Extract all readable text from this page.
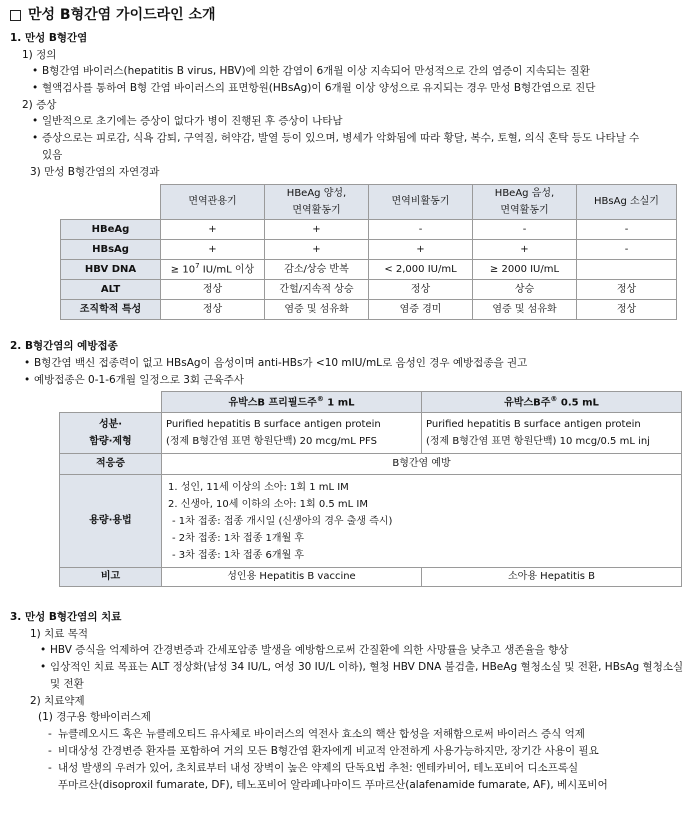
만성 B형간염 가이드라인 소개
1. 만성 B형간염
1) 정의
• B형간염 바이러스(hepatitis B virus, HBV)에 의한 감염이 6개월 이상 지속되어 만성적으로 간의 염증이 지속되는 질환
• 혈액검사를 통하여 B형 간염 바이러스의 표면항원(HBsAg)이 6개월 이상 양성으로 유지되는 경우 만성 B형간염으로 진단
2) 증상
• 일반적으로 초기에는 증상이 없다가 병이 진행된 후 증상이 나타남
• 증상으로는 피로감, 식욕 감퇴, 구역질, 허약감, 발열 등이 있으며, 병세가 악화됨에 따라 황달, 복수, 토혈, 의식 혼탁 등도 나타날 수
있음
3) 만성 B형간염의 자연경과
	면역관용기	HBeAg 양성,
면역활동기	면역비활동기	HBeAg 음성,
면역활동기	HBsAg 소실기
HBeAg	+	+	-	-	-
HBsAg	+	+	+	+	-
HBV DNA	≥ $10^7$ IU/mL 이상	감소/상승 반복	< 2,000 IU/mL	≥ 2000 IU/mL	
ALT	정상	간헐/지속적 상승	정상	상승	정상
조직학적 특성	정상	염증 및 섬유화	염증 경미	염증 및 섬유화	정상
2. B형간염의 예방접종
• B형간염 백신 접종력이 없고 HBsAg이 음성이며 anti-HBs가 <10 mIU/mL로 음성인 경우 예방접종을 권고
• 예방접종은 0-1-6개월 일정으로 3회 근육주사
	유박스B 프리필드주® 1 mL	유박스B주® 0.5 mL

성분·
함량·제형	Purified hepatitis B surface antigen protein
(정제 B형간염 표면 항원단백) 20 mcg/mL PFS	Purified hepatitis B surface antigen protein
(정제 B형간염 표면 항원단백) 10 mcg/0.5 mL inj

적응증	B형간염 예방	
용량·용법	1. 성인, 11세 이상의 소아: 1회 1 mL IM
2. 신생아, 10세 이하의 소아: 1회 0.5 mL IM
- 1차 접종: 접종 개시일 (신생아의 경우 출생 즉시)
- 2차 접종: 1차 접종 1개월 후
- 3차 접종: 1차 접종 6개월 후	

비고	성인용 Hepatitis B vaccine	소아용 Hepatitis B
3. 만성 B형간염의 치료
1) 치료 목적
• HBV 증식을 억제하여 간경변증과 간세포암종 발생을 예방함으로써 간질환에 의한 사망률을 낮추고 생존율을 향상
• 임상적인 치료 목표는 ALT 정상화(남성 34 IU/L, 여성 30 IU/L 이하), 혈청 HBV DNA 불검출, HBeAg 혈청소실 및 전환, HBsAg 혈청소실
및 전환
2) 치료약제
(1) 경구용 항바이러스제
- 뉴클레오시드 혹은 뉴클레오티드 유사체로 바이러스의 역전사 효소의 핵산 합성을 저해함으로써 바이러스 증식 억제
- 비대상성 간경변증 환자를 포함하여 거의 모든 B형간염 환자에게 비교적 안전하게 사용가능하지만, 장기간 사용이 필요
- 내성 발생의 우려가 있어, 초치료부터 내성 장벽이 높은 약제의 단독요법 추천: 엔테카비어, 테노포비어 디소프록실
푸마르산(disoproxil fumarate, DF), 테노포비어 알라페나마이드 푸마르산(alafenamide fumarate, AF), 베시포비어
